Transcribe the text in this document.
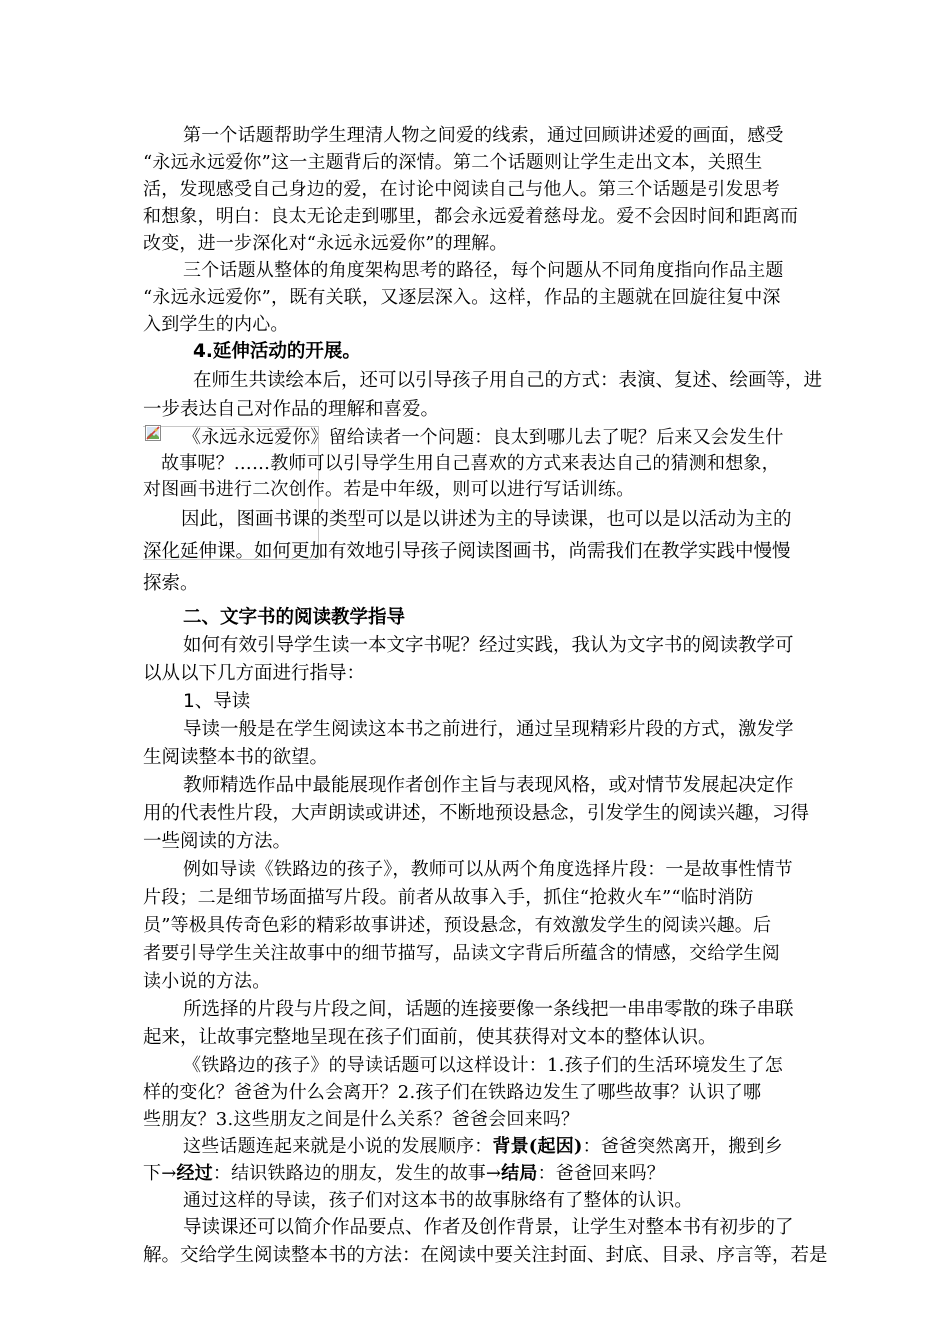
第一个话题帮助学生理清人物之间爱的线索，通过回顾讲述爱的画面，感受
“永远永远爱你”这一主题背后的深情。第二个话题则让学生走出文本，关照生
活，发现感受自己身边的爱，在讨论中阅读自己与他人。第三个话题是引发思考
和想象，明白：良太无论走到哪里，都会永远爱着慈母龙。爱不会因时间和距离而
改变，进一步深化对“永远永远爱你”的理解。
三个话题从整体的角度架构思考的路径，每个问题从不同角度指向作品主题
“永远永远爱你”，既有关联，又逐层深入。这样，作品的主题就在回旋往复中深
入到学生的内心。
4.延伸活动的开展。
在师生共读绘本后，还可以引导孩子用自己的方式：表演、复述、绘画等，进
一步表达自己对作品的理解和喜爱。
《永远永远爱你》留给读者一个问题：良太到哪儿去了呢？后来又会发生什
故事呢？……教师可以引导学生用自己喜欢的方式来表达自己的猜测和想象，
对图画书进行二次创作。若是中年级，则可以进行写话训练。
因此，图画书课的类型可以是以讲述为主的导读课，也可以是以活动为主的
深化延伸课。如何更加有效地引导孩子阅读图画书，尚需我们在教学实践中慢慢
探索。
二、文字书的阅读教学指导
如何有效引导学生读一本文字书呢？经过实践，我认为文字书的阅读教学可
以从以下几方面进行指导：
1、导读
导读一般是在学生阅读这本书之前进行，通过呈现精彩片段的方式，激发学
生阅读整本书的欲望。
教师精选作品中最能展现作者创作主旨与表现风格，或对情节发展起决定作
用的代表性片段，大声朗读或讲述，不断地预设悬念，引发学生的阅读兴趣，习得
一些阅读的方法。
例如导读《铁路边的孩子》，教师可以从两个角度选择片段：一是故事性情节
片段；二是细节场面描写片段。前者从故事入手，抓住“抢救火车”“临时消防
员”等极具传奇色彩的精彩故事讲述，预设悬念，有效激发学生的阅读兴趣。后
者要引导学生关注故事中的细节描写，品读文字背后所蕴含的情感，交给学生阅
读小说的方法。
所选择的片段与片段之间，话题的连接要像一条线把一串串零散的珠子串联
起来，让故事完整地呈现在孩子们面前，使其获得对文本的整体认识。
《铁路边的孩子》的导读话题可以这样设计：1.孩子们的生活环境发生了怎
样的变化？爸爸为什么会离开？2.孩子们在铁路边发生了哪些故事？认识了哪
些朋友？3.这些朋友之间是什么关系？爸爸会回来吗？
这些话题连起来就是小说的发展顺序：背景(起因)：爸爸突然离开，搬到乡
下→经过：结识铁路边的朋友，发生的故事→结局：爸爸回来吗？
通过这样的导读，孩子们对这本书的故事脉络有了整体的认识。
导读课还可以简介作品要点、作者及创作背景，让学生对整本书有初步的了
解。交给学生阅读整本书的方法：在阅读中要关注封面、封底、目录、序言等，若是
